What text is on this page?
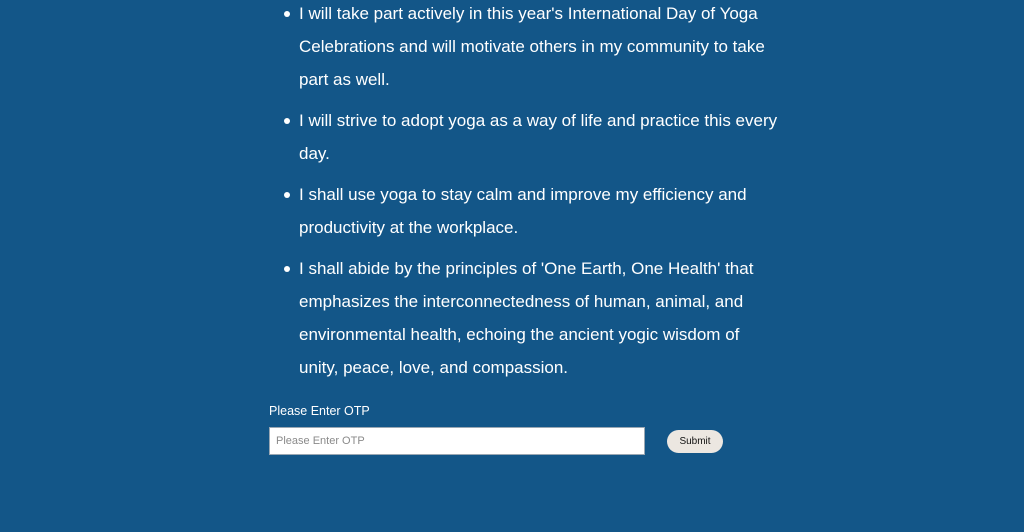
I will take part actively in this year's International Day of Yoga Celebrations and will motivate others in my community to take part as well.
I will strive to adopt yoga as a way of life and practice this every day.
I shall use yoga to stay calm and improve my efficiency and productivity at the workplace.
I shall abide by the principles of 'One Earth, One Health' that emphasizes the interconnectedness of human, animal, and environmental health, echoing the ancient yogic wisdom of unity, peace, love, and compassion.
Please Enter OTP
Please Enter OTP
Submit
